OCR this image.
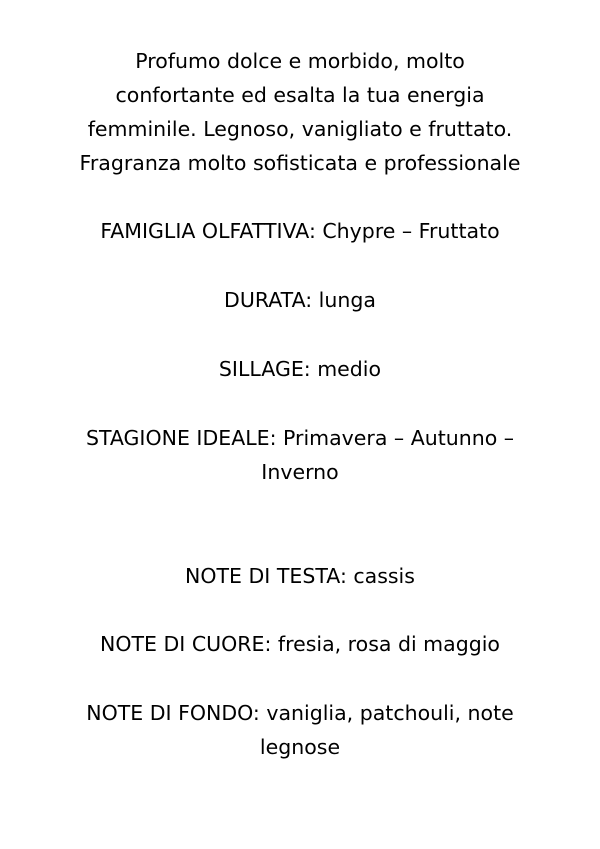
Profumo dolce e morbido, molto
confortante ed esalta la tua energia
femminile. Legnoso, vanigliato e fruttato.
Fragranza molto sofisticata e professionale

FAMIGLIA OLFATTIVA: Chypre – Fruttato

DURATA: lunga

SILLAGE: medio

STAGIONE IDEALE: Primavera – Autunno –
Inverno

NOTE DI TESTA: cassis

NOTE DI CUORE: fresia, rosa di maggio

NOTE DI FONDO: vaniglia, patchouli, note
legnose
